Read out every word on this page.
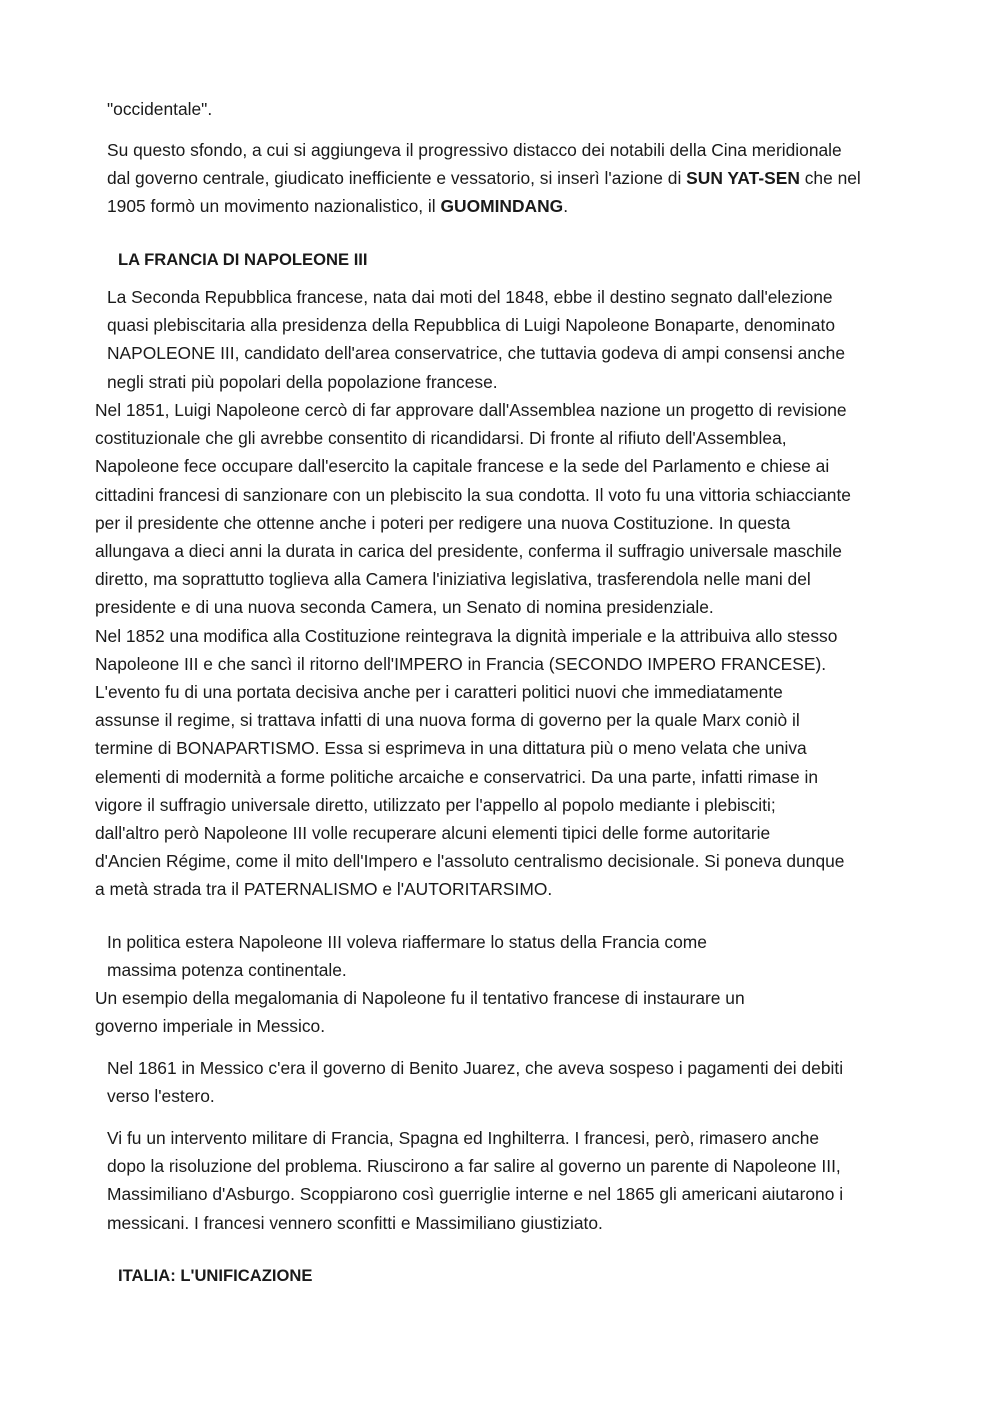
"occidentale".

Su questo sfondo, a cui si aggiungeva il progressivo distacco dei notabili della Cina meridionale
dal governo centrale, giudicato inefficiente e vessatorio, si inserì l'azione di SUN YAT-SEN che nel
1905 formò un movimento nazionalistico, il GUOMINDANG.

LA FRANCIA DI NAPOLEONE III

La Seconda Repubblica francese, nata dai moti del 1848, ebbe il destino segnato dall'elezione
quasi plebiscitaria alla presidenza della Repubblica di Luigi Napoleone Bonaparte, denominato
NAPOLEONE III, candidato dell'area conservatrice, che tuttavia godeva di ampi consensi anche
negli strati più popolari della popolazione francese.

Nel 1851, Luigi Napoleone cercò di far approvare dall'Assemblea nazione un progetto di revisione
costituzionale che gli avrebbe consentito di ricandidarsi. Di fronte al rifiuto dell'Assemblea,
Napoleone fece occupare dall'esercito la capitale francese e la sede del Parlamento e chiese ai
cittadini francesi di sanzionare con un plebiscito la sua condotta. Il voto fu una vittoria schiacciante
per il presidente che ottenne anche i poteri per redigere una nuova Costituzione. In questa
allungava a dieci anni la durata in carica del presidente, conferma il suffragio universale maschile
diretto, ma soprattutto toglieva alla Camera l'iniziativa legislativa, trasferendola nelle mani del
presidente e di una nuova seconda Camera, un Senato di nomina presidenziale.
Nel 1852 una modifica alla Costituzione reintegrava la dignità imperiale e la attribuiva allo stesso
Napoleone III e che sancì il ritorno dell'IMPERO in Francia (SECONDO IMPERO FRANCESE).
L'evento fu di una portata decisiva anche per i caratteri politici nuovi che immediatamente
assunse il regime, si trattava infatti di una nuova forma di governo per la quale Marx coniò il
termine di BONAPARTISMO. Essa si esprimeva in una dittatura più o meno velata che univa
elementi di modernità a forme politiche arcaiche e conservatrici. Da una parte, infatti rimase in
vigore il suffragio universale diretto, utilizzato per l'appello al popolo mediante i plebisciti;
dall'altro però Napoleone III volle recuperare alcuni elementi tipici delle forme autoritarie
d'Ancien Régime, come il mito dell'Impero e l'assoluto centralismo decisionale. Si poneva dunque
a metà strada tra il PATERNALISMO e l'AUTORITARSIMO.

In politica estera Napoleone III voleva riaffermare lo status della Francia come
massima potenza continentale.

Un esempio della megalomania di Napoleone fu il tentativo francese di instaurare un
governo imperiale in Messico.

Nel 1861 in Messico c'era il governo di Benito Juarez, che aveva sospeso i pagamenti dei debiti
verso l'estero.

Vi fu un intervento militare di Francia, Spagna ed Inghilterra. I francesi, però, rimasero anche
dopo la risoluzione del problema. Riuscirono a far salire al governo un parente di Napoleone III,
Massimiliano d'Asburgo. Scoppiarono così guerriglie interne e nel 1865 gli americani aiutarono i
messicani. I francesi vennero sconfitti e Massimiliano giustiziato.

ITALIA: L'UNIFICAZIONE
